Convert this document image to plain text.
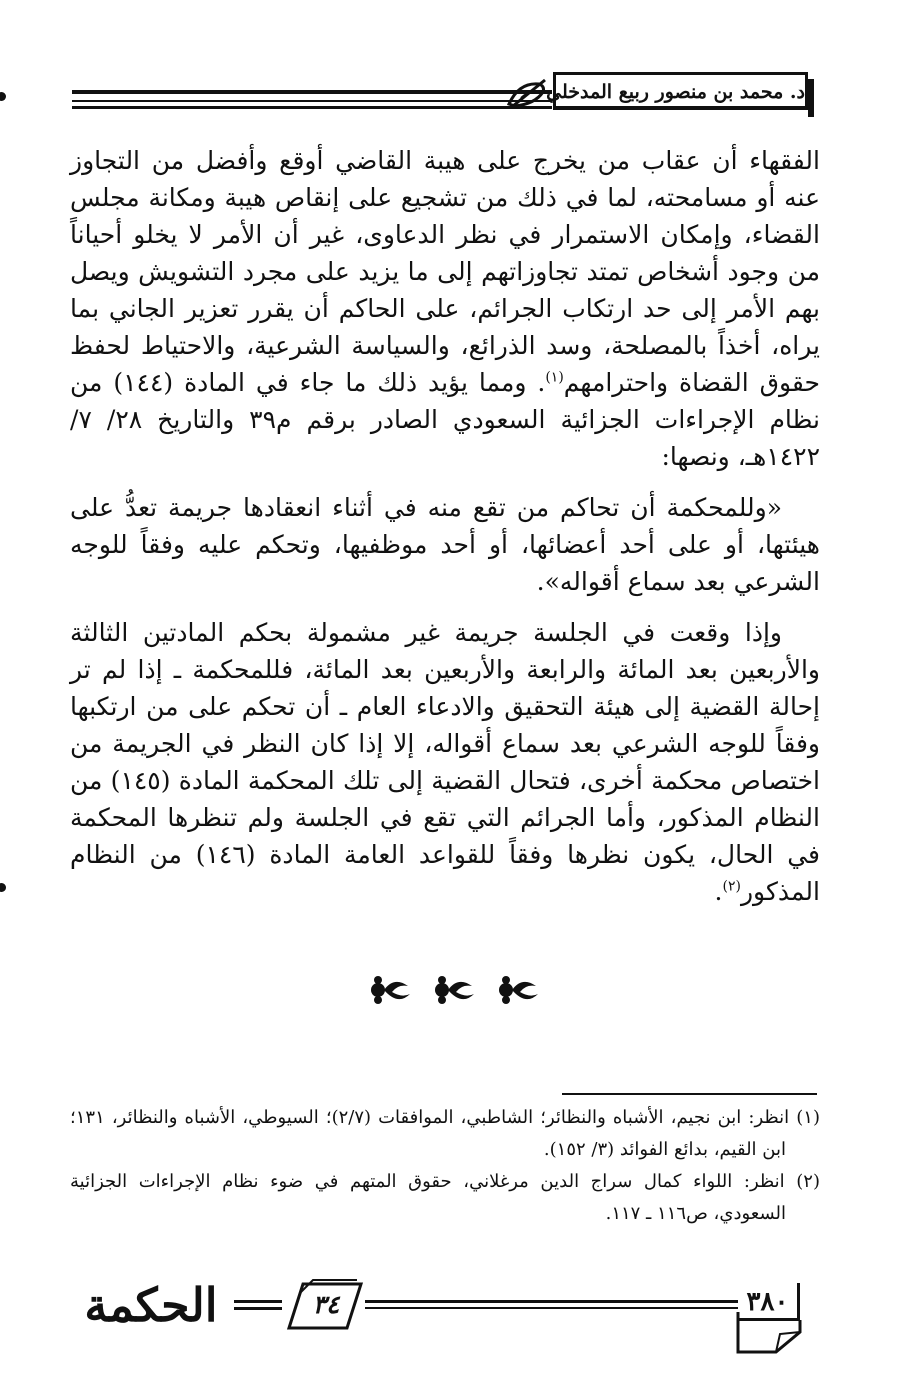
د. محمد بن منصور ربيع المدخلي

الفقهاء أن عقاب من يخرج على هيبة القاضي أوقع وأفضل من التجاوز عنه أو مسامحته، لما في ذلك من تشجيع على إنقاص هيبة ومكانة مجلس القضاء، وإمكان الاستمرار في نظر الدعاوى، غير أن الأمر لا يخلو أحياناً من وجود أشخاص تمتد تجاوزاتهم إلى ما يزيد على مجرد التشويش ويصل بهم الأمر إلى حد ارتكاب الجرائم، على الحاكم أن يقرر تعزير الجاني بما يراه، أخذاً بالمصلحة، وسد الذرائع، والسياسة الشرعية، والاحتياط لحفظ حقوق القضاة واحترامهم$^{(١)}$. ومما يؤيد ذلك ما جاء في المادة (١٤٤) من نظام الإجراءات الجزائية السعودي الصادر برقم م٣٩ والتاريخ ٢٨/ ٧/ ١٤٢٢هـ، ونصها:

«وللمحكمة أن تحاكم من تقع منه في أثناء انعقادها جريمة تعدُّ على هيئتها، أو على أحد أعضائها، أو أحد موظفيها، وتحكم عليه وفقاً للوجه الشرعي بعد سماع أقواله».

وإذا وقعت في الجلسة جريمة غير مشمولة بحكم المادتين الثالثة والأربعين بعد المائة والرابعة والأربعين بعد المائة، فللمحكمة ـ إذا لم تر إحالة القضية إلى هيئة التحقيق والادعاء العام ـ أن تحكم على من ارتكبها وفقاً للوجه الشرعي بعد سماع أقواله، إلا إذا كان النظر في الجريمة من اختصاص محكمة أخرى، فتحال القضية إلى تلك المحكمة المادة (١٤٥) من النظام المذكور، وأما الجرائم التي تقع في الجلسة ولم تنظرها المحكمة في الحال، يكون نظرها وفقاً للقواعد العامة المادة (١٤٦) من النظام المذكور$^{(٢)}$.

(١) انظر: ابن نجيم، الأشباه والنظائر؛ الشاطبي، الموافقات (٢/٧)؛ السيوطي، الأشباه والنظائر، ١٣١؛ ابن القيم، بدائع الفوائد (٣/ ١٥٢).

(٢) انظر: اللواء كمال سراج الدين مرغلاني، حقوق المتهم في ضوء نظام الإجراءات الجزائية السعودي، ص١١٦ ـ ١١٧.

٣٨٠
٣٤
الحكمة
